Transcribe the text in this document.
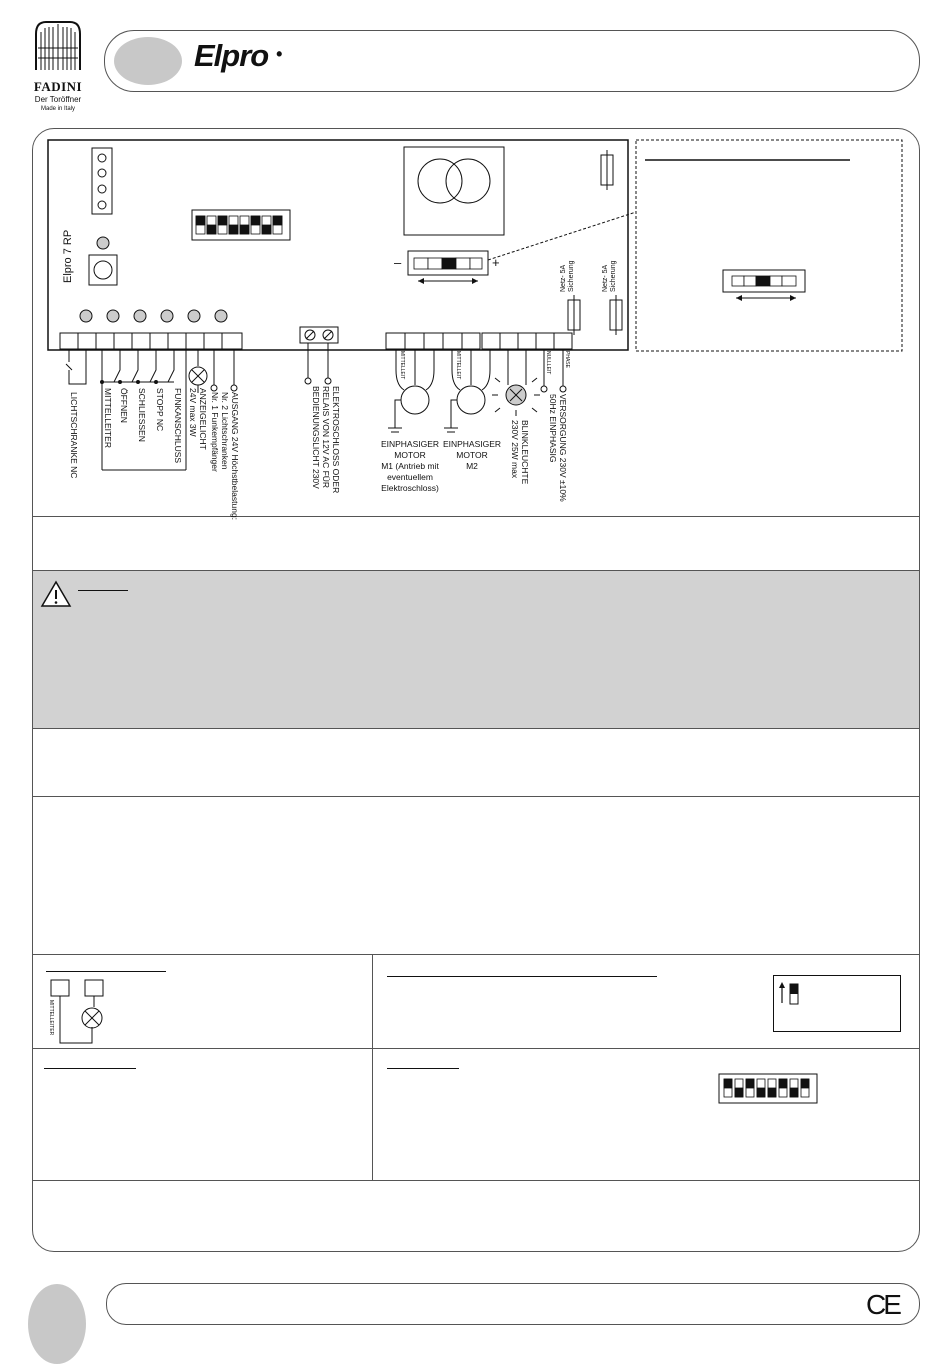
FADINI
Der Toröffner
Made in Italy
Elpro •
Elpro 7 RP	–	+
Netz- 5A
Sicherung	Netz- 5A
Sicherung
MITTELLEIT	MITTELLEIT	NULLLEIT	PHASE
LICHTSCHRANKE NC	MITTELLEITER ÖFFNEN SCHLIESSEN STOPP NC FUNKANSCHLUSS	ANZEIGELICHT
24V max 3W	AUSGANG 24V Höchstbelastung:
Nr. 2 Lichtschranken
Nr. 1 Funkempfänger	ELEKTROSCHLOSS ODER
RELAIS VON 12V AC FÜR
BEDIENUNGSLICHT 230V	BLINKLEUCHTE
230V 25W max
VERSORGUNG 230V ±10%
50Hz EINPHASIG
EINPHASIGER
MOTOR
M1 (Antrieb mit
eventuellem
Elektroschloss)
EINPHASIGER
MOTOR
M2
MITTELLEITER
CE
